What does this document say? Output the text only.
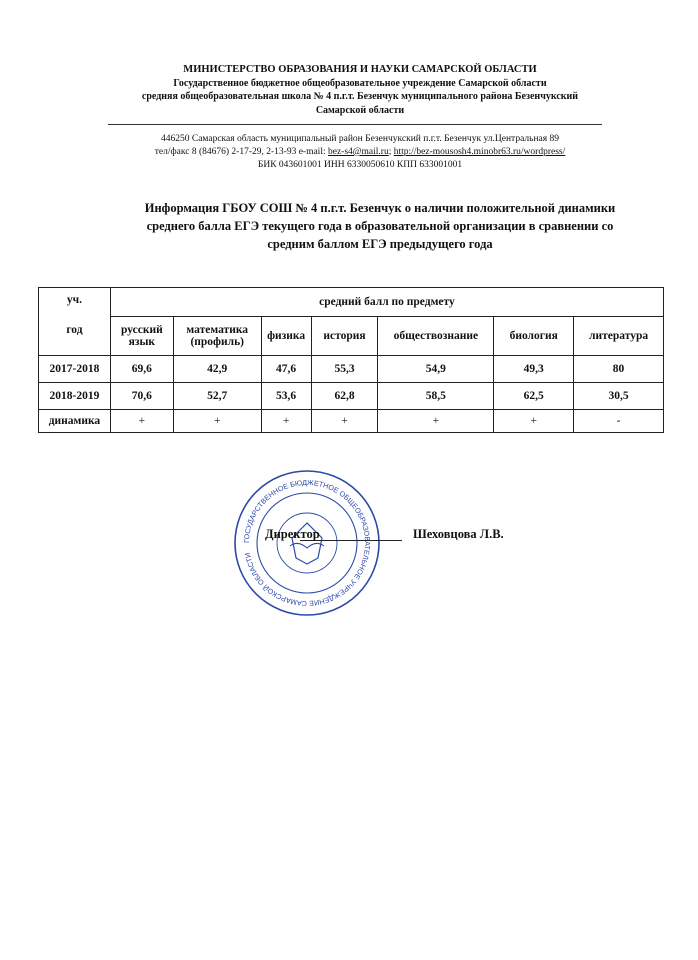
МИНИСТЕРСТВО ОБРАЗОВАНИЯ И НАУКИ САМАРСКОЙ ОБЛАСТИ
Государственное бюджетное общеобразовательное учреждение Самарской области
средняя общеобразовательная школа № 4 п.г.т. Безенчук муниципального района Безенчукский
Самарской области
446250 Самарская область муниципальный район Безенчукский п.г.т. Безенчук ул.Центральная 89
тел/факс 8 (84676) 2-17-29, 2-13-93 e-mail: bez-s4@mail.ru; http://bez-mousosh4.minobr63.ru/wordpress/
БИК 043601001 ИНН 6330050610 КПП 633001001
Информация ГБОУ СОШ № 4 п.г.т. Безенчук о наличии положительной динамики
среднего балла ЕГЭ текущего года в образовательной организации в сравнении со
средним баллом ЕГЭ предыдущего года
уч.
год	средний балл по предмету						
	русский язык	математика (профиль)	физика	история	обществознание	биология	литература
2017-2018	69,6	42,9	47,6	55,3	54,9	49,3	80
2018-2019	70,6	52,7	53,6	62,8	58,5	62,5	30,5
динамика	+	+	+	+	+	+	-
ГОСУДАРСТВЕННОЕ БЮДЖЕТНОЕ ОБЩЕОБРАЗОВАТЕЛЬНОЕ УЧРЕЖДЕНИЕ САМАРСКОЙ ОБЛАСТИ
Директор	Шеховцова Л.В.
